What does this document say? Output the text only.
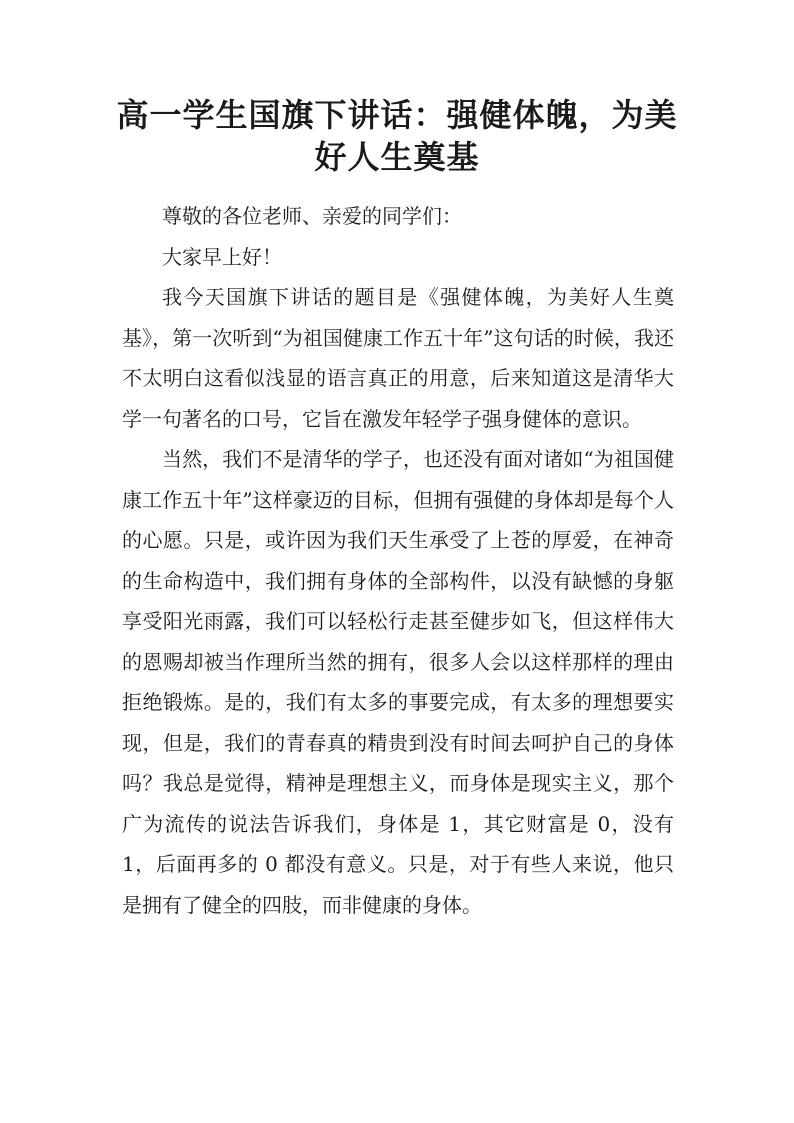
高一学生国旗下讲话：强健体魄，为美好人生奠基

尊敬的各位老师、亲爱的同学们：

大家早上好！

我今天国旗下讲话的题目是《强健体魄，为美好人生奠基》，第一次听到“为祖国健康工作五十年”这句话的时候，我还不太明白这看似浅显的语言真正的用意，后来知道这是清华大学一句著名的口号，它旨在激发年轻学子强身健体的意识。

当然，我们不是清华的学子，也还没有面对诸如“为祖国健康工作五十年”这样豪迈的目标，但拥有强健的身体却是每个人的心愿。只是，或许因为我们天生承受了上苍的厚爱，在神奇的生命构造中，我们拥有身体的全部构件，以没有缺憾的身躯享受阳光雨露，我们可以轻松行走甚至健步如飞，但这样伟大的恩赐却被当作理所当然的拥有，很多人会以这样那样的理由拒绝锻炼。是的，我们有太多的事要完成，有太多的理想要实现，但是，我们的青春真的精贵到没有时间去呵护自己的身体吗？我总是觉得，精神是理想主义，而身体是现实主义，那个广为流传的说法告诉我们，身体是 1，其它财富是 0，没有 1，后面再多的 0 都没有意义。只是，对于有些人来说，他只是拥有了健全的四肢，而非健康的身体。
